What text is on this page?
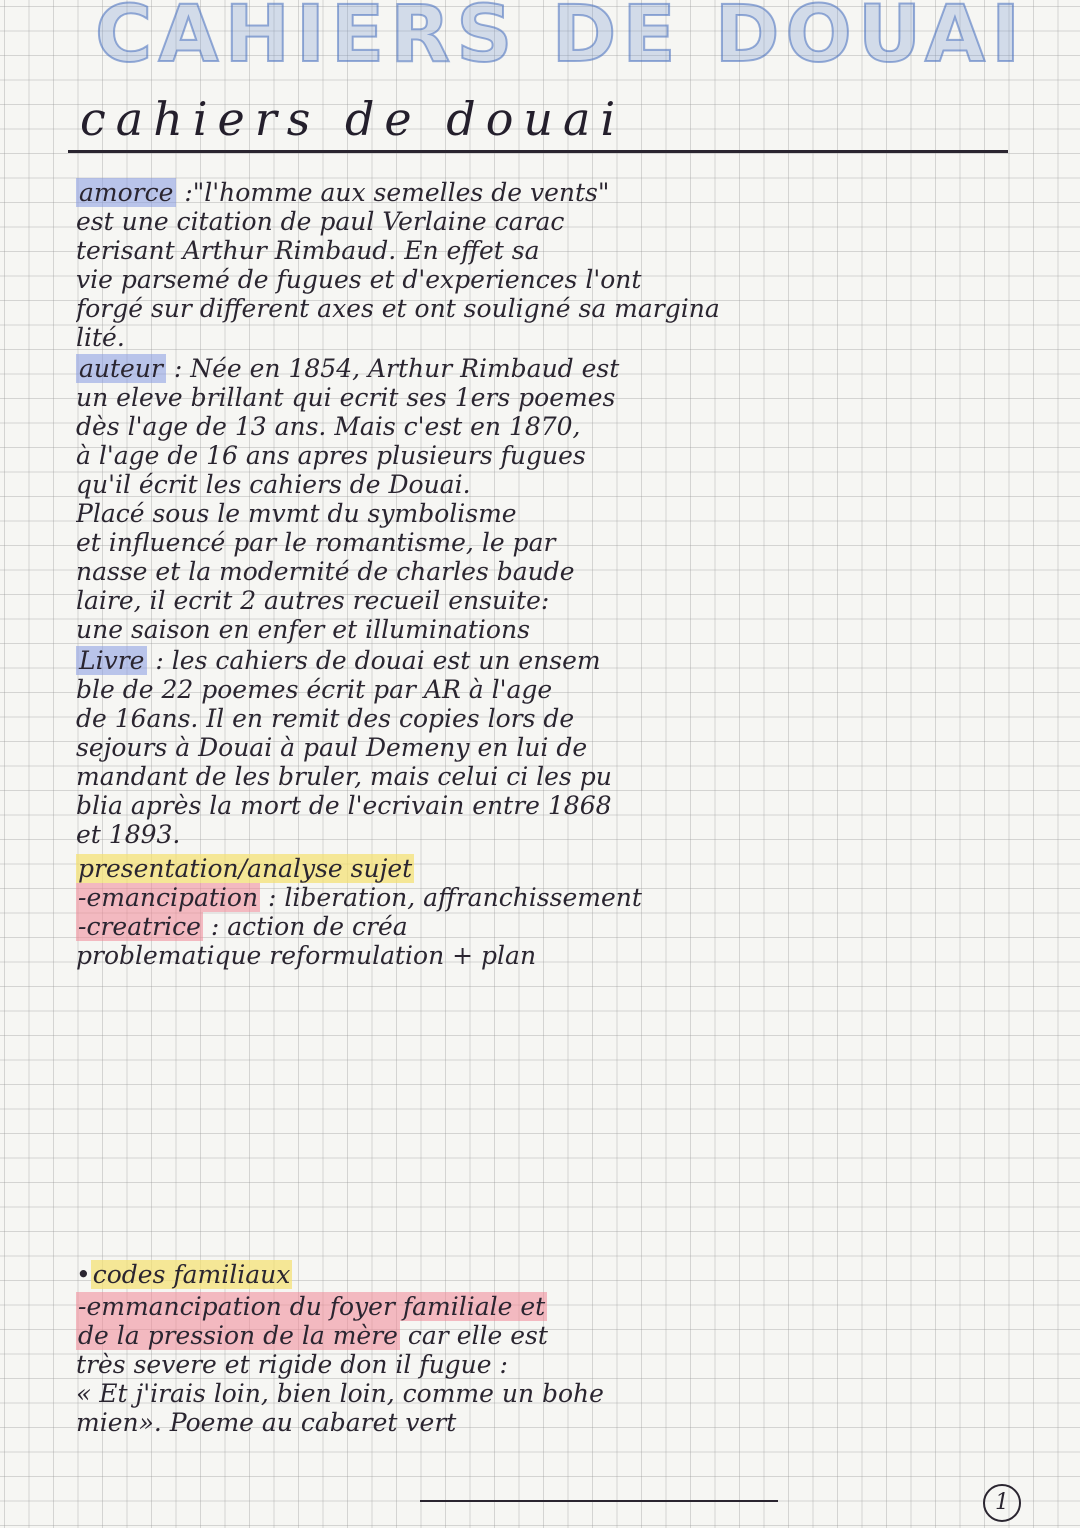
CAHIERS DE DOUAI
cahiers de douai
amorce :"l'homme aux semelles de vents"
est une citation de paul Verlaine carac
terisant Arthur Rimbaud. En effet sa
vie parsemé de fugues et d'experiences l'ont
forgé sur different axes et ont souligné sa margina
lité.
auteur : Née en 1854, Arthur Rimbaud est
un eleve brillant qui ecrit ses 1ers poemes
dès l'age de 13 ans. Mais c'est en 1870,
à l'age de 16 ans apres plusieurs fugues
qu'il écrit les cahiers de Douai.
Placé sous le mvmt du symbolisme
et influencé par le romantisme, le par
nasse et la modernité de charles baude
laire, il ecrit 2 autres recueil ensuite:
une saison en enfer et illuminations
Livre : les cahiers de douai est un ensem
ble de 22 poemes écrit par AR à l'age
de 16ans. Il en remit des copies lors de
sejours à Douai à paul Demeny en lui de
mandant de les bruler, mais celui ci les pu
blia après la mort de l'ecrivain entre 1868
et 1893.
presentation/analyse sujet
-emancipation : liberation, affranchissement
-creatrice : action de créa
problematique reformulation + plan
•codes familiaux
-emmancipation du foyer familiale et
de la pression de la mère car elle est
très severe et rigide don il fugue :
« Et j'irais loin, bien loin, comme un bohe
mien». Poeme au cabaret vert
1
